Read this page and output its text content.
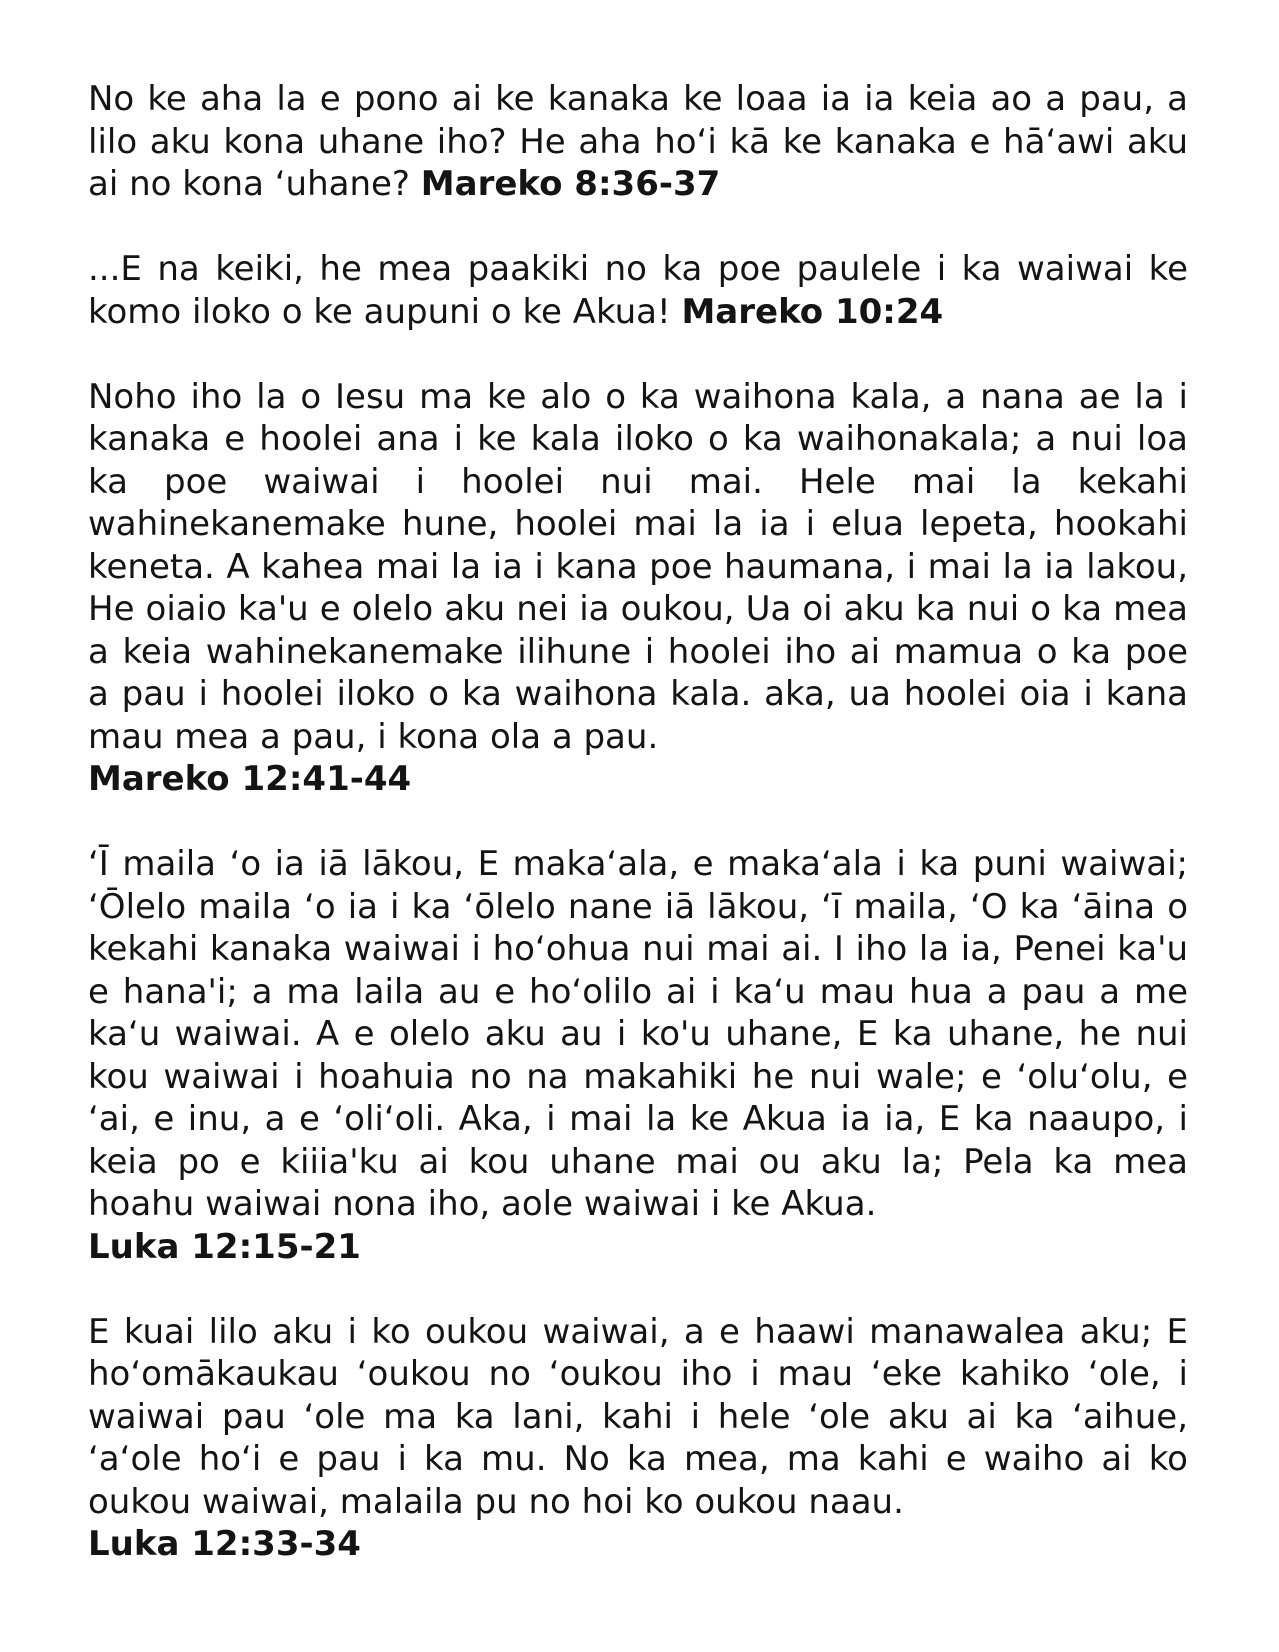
No ke aha la e pono ai ke kanaka ke loaa ia ia keia ao a pau, a lilo aku kona uhane iho? He aha hoʻi kā ke kanaka e hāʻawi aku ai no kona ʻuhane? Mareko 8:36-37

...E na keiki, he mea paakiki no ka poe paulele i ka waiwai ke komo iloko o ke aupuni o ke Akua! Mareko 10:24

Noho iho la o Iesu ma ke alo o ka waihona kala, a nana ae la i kanaka e hoolei ana i ke kala iloko o ka waihonakala; a nui loa ka poe waiwai i hoolei nui mai. Hele mai la kekahi wahinekanemake hune, hoolei mai la ia i elua lepeta, hookahi keneta. A kahea mai la ia i kana poe haumana, i mai la ia lakou, He oiaio ka'u e olelo aku nei ia oukou, Ua oi aku ka nui o ka mea a keia wahinekanemake ilihune i hoolei iho ai mamua o ka poe a pau i hoolei iloko o ka waihona kala. aka, ua hoolei oia i kana mau mea a pau, i kona ola a pau.

Mareko 12:41-44

ʻĪ maila ʻo ia iā lākou, E makaʻala, e makaʻala i ka puni waiwai; ʻŌlelo maila ʻo ia i ka ʻōlelo nane iā lākou, ʻī maila, ʻO ka ʻāina o kekahi kanaka waiwai i hoʻohua nui mai ai. I iho la ia, Penei ka'u e hana'i; a ma laila au e hoʻolilo ai i kaʻu mau hua a pau a me kaʻu waiwai. A e olelo aku au i ko'u uhane, E ka uhane, he nui kou waiwai i hoahuia no na makahiki he nui wale; e ʻoluʻolu, e ʻai, e inu, a e ʻoliʻoli. Aka, i mai la ke Akua ia ia, E ka naaupo, i keia po e kiiia'ku ai kou uhane mai ou aku la; Pela ka mea hoahu waiwai nona iho, aole waiwai i ke Akua.

Luka 12:15-21

E kuai lilo aku i ko oukou waiwai, a e haawi manawalea aku; E hoʻomākaukau ʻoukou no ʻoukou iho i mau ʻeke kahiko ʻole, i waiwai pau ʻole ma ka lani, kahi i hele ʻole aku ai ka ʻaihue, ʻaʻole hoʻi e pau i ka mu. No ka mea, ma kahi e waiho ai ko oukou waiwai, malaila pu no hoi ko oukou naau.

Luka 12:33-34
